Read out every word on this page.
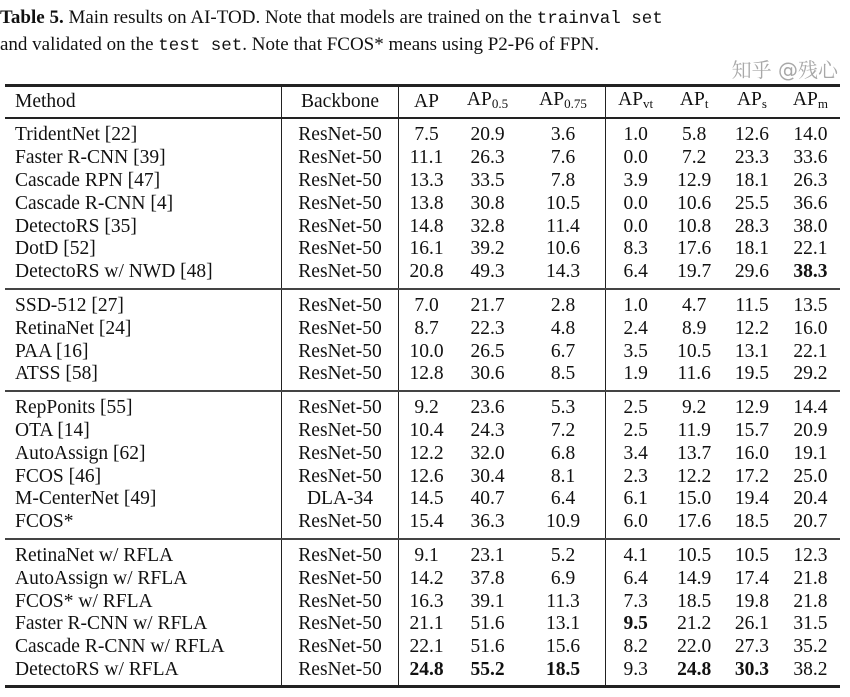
Table 5. Main results on AI-TOD. Note that models are trained on the trainval set
and validated on the test set. Note that FCOS* means using P2-P6 of FPN.
知乎 @残心
Method	Backbone	AP	$AP_{0.5}$	$AP_{0.75}$	$AP_{vt}$	$AP_t$	$AP_s$	$AP_m$
TridentNet [22]	ResNet-50	7.5	20.9	3.6	1.0	5.8	12.6	14.0
Faster R-CNN [39]	ResNet-50	11.1	26.3	7.6	0.0	7.2	23.3	33.6
Cascade RPN [47]	ResNet-50	13.3	33.5	7.8	3.9	12.9	18.1	26.3
Cascade R-CNN [4]	ResNet-50	13.8	30.8	10.5	0.0	10.6	25.5	36.6
DetectoRS [35]	ResNet-50	14.8	32.8	11.4	0.0	10.8	28.3	38.0
DotD [52]	ResNet-50	16.1	39.2	10.6	8.3	17.6	18.1	22.1
DetectoRS w/ NWD [48]	ResNet-50	20.8	49.3	14.3	6.4	19.7	29.6	38.3
SSD-512 [27]	ResNet-50	7.0	21.7	2.8	1.0	4.7	11.5	13.5
RetinaNet [24]	ResNet-50	8.7	22.3	4.8	2.4	8.9	12.2	16.0
PAA [16]	ResNet-50	10.0	26.5	6.7	3.5	10.5	13.1	22.1
ATSS [58]	ResNet-50	12.8	30.6	8.5	1.9	11.6	19.5	29.2
RepPonits [55]	ResNet-50	9.2	23.6	5.3	2.5	9.2	12.9	14.4
OTA [14]	ResNet-50	10.4	24.3	7.2	2.5	11.9	15.7	20.9
AutoAssign [62]	ResNet-50	12.2	32.0	6.8	3.4	13.7	16.0	19.1
FCOS [46]	ResNet-50	12.6	30.4	8.1	2.3	12.2	17.2	25.0
M-CenterNet [49]	DLA-34	14.5	40.7	6.4	6.1	15.0	19.4	20.4
FCOS*	ResNet-50	15.4	36.3	10.9	6.0	17.6	18.5	20.7
RetinaNet w/ RFLA	ResNet-50	9.1	23.1	5.2	4.1	10.5	10.5	12.3
AutoAssign w/ RFLA	ResNet-50	14.2	37.8	6.9	6.4	14.9	17.4	21.8
FCOS* w/ RFLA	ResNet-50	16.3	39.1	11.3	7.3	18.5	19.8	21.8
Faster R-CNN w/ RFLA	ResNet-50	21.1	51.6	13.1	9.5	21.2	26.1	31.5
Cascade R-CNN w/ RFLA	ResNet-50	22.1	51.6	15.6	8.2	22.0	27.3	35.2
DetectoRS w/ RFLA	ResNet-50	24.8	55.2	18.5	9.3	24.8	30.3	38.2
